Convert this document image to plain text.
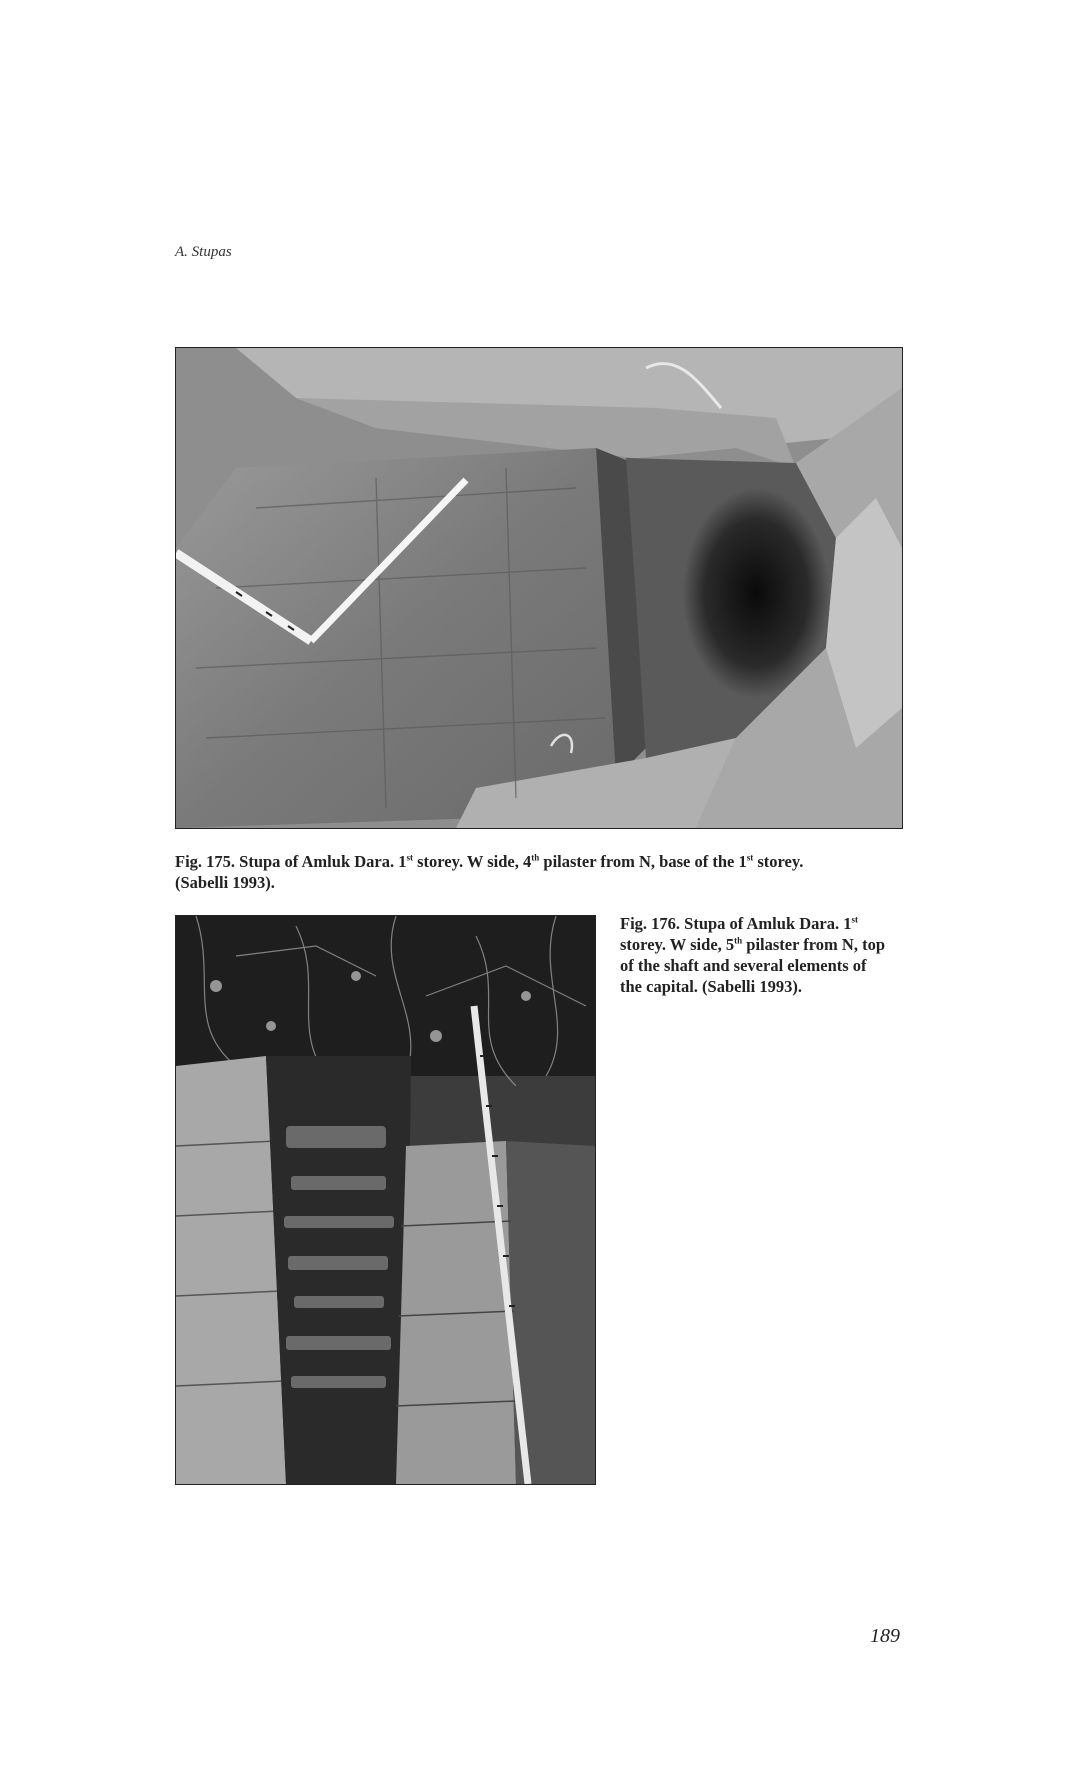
A. Stupas
Fig. 175. Stupa of Amluk Dara. 1st storey. W side, 4th pilaster from N, base of the 1st storey.
(Sabelli 1993).
Fig. 176. Stupa of Amluk Dara. 1st storey. W side, 5th pilaster from N, top of the shaft and several elements of the capital. (Sabelli 1993).
189
